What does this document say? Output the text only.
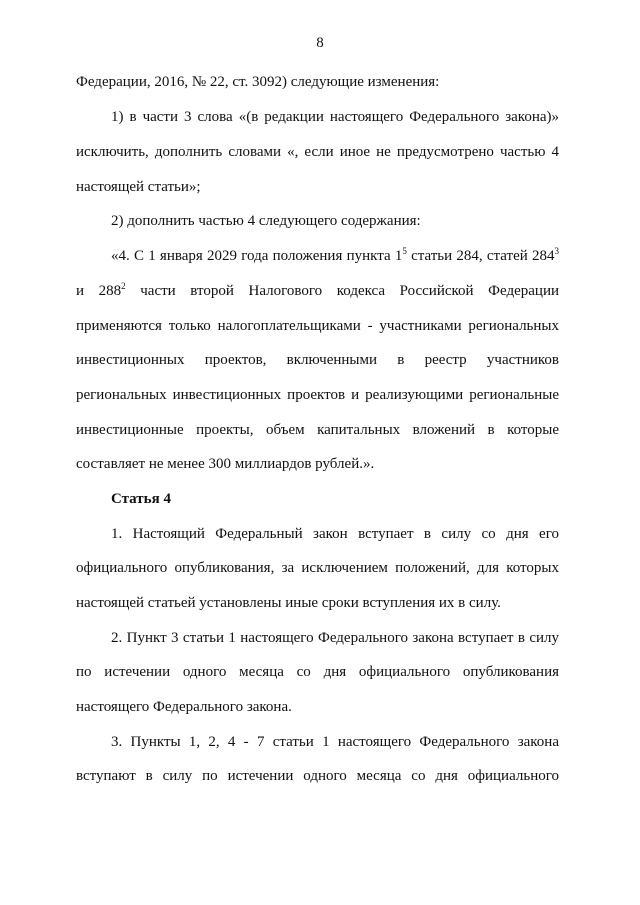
8
Федерации, 2016, № 22, ст. 3092) следующие изменения:
1) в части 3 слова «(в редакции настоящего Федерального закона)»
исключить, дополнить словами «, если иное не предусмотрено частью 4
настоящей статьи»;
2) дополнить частью 4 следующего содержания:
«4. С 1 января 2029 года положения пункта $1^5$ статьи 284, статей $284^3$
и $288^2$ части второй Налогового кодекса Российской Федерации
применяются только налогоплательщиками - участниками региональных
инвестиционных проектов, включенными в реестр участников
региональных инвестиционных проектов и реализующими региональные
инвестиционные проекты, объем капитальных вложений в которые
составляет не менее 300 миллиардов рублей.».
Статья 4
1. Настоящий Федеральный закон вступает в силу со дня его
официального опубликования, за исключением положений, для которых
настоящей статьей установлены иные сроки вступления их в силу.
2. Пункт 3 статьи 1 настоящего Федерального закона вступает в силу
по истечении одного месяца со дня официального опубликования
настоящего Федерального закона.
3. Пункты 1, 2, 4 - 7 статьи 1 настоящего Федерального закона
вступают в силу по истечении одного месяца со дня официального
